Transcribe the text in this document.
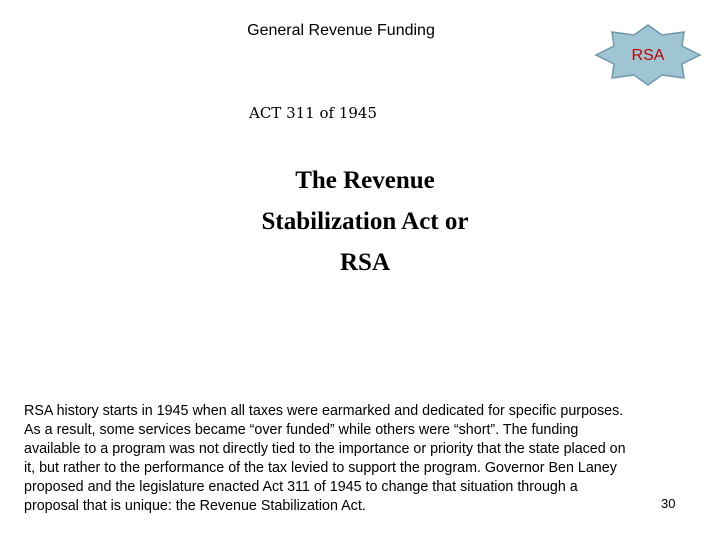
General Revenue Funding
RSA
ACT 311 of 1945
The Revenue
Stabilization Act or
RSA
RSA history starts in 1945 when all taxes were earmarked and dedicated for specific purposes.
As a result, some services became “over funded” while others were “short”. The funding
available to a program was not directly tied to the importance or priority that the state placed on
it, but rather to the performance of the tax levied to support the program. Governor Ben Laney
proposed and the legislature enacted Act 311 of 1945 to change that situation through a
proposal that is unique: the Revenue Stabilization Act.	30
